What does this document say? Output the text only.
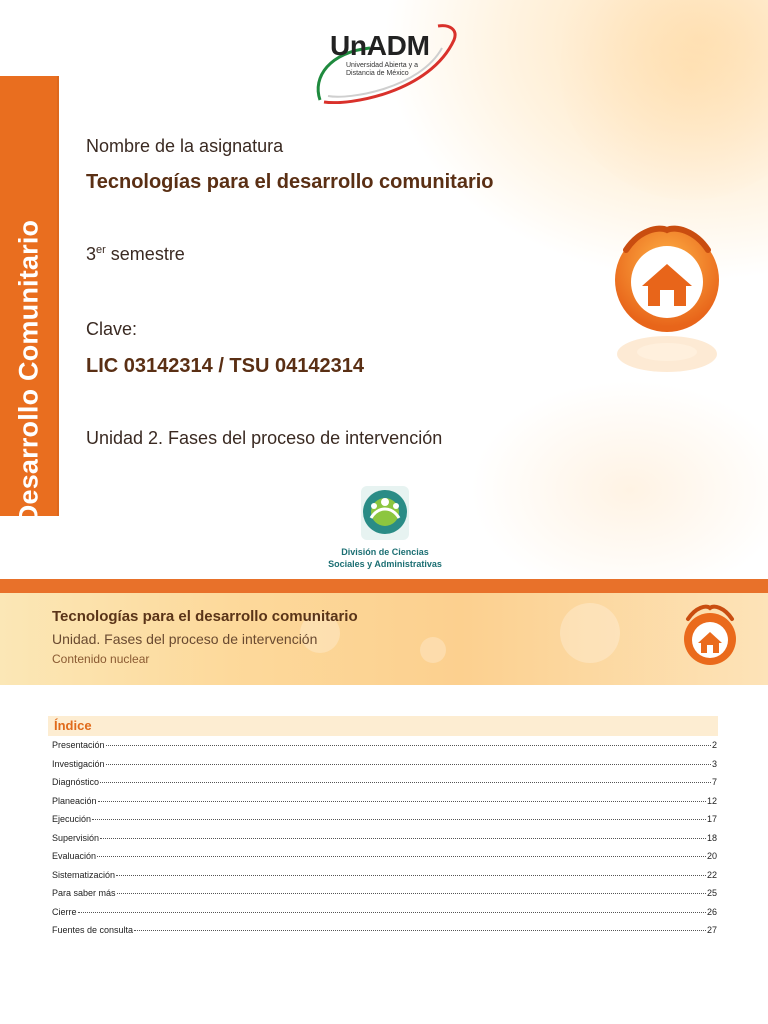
Desarrollo Comunitario
UnADM
Universidad Abierta y a
Distancia de México
Nombre de la asignatura
Tecnologías para el desarrollo comunitario
3er semestre
Clave:
LIC 03142314 / TSU 04142314
Unidad 2. Fases del proceso de intervención
División de Ciencias
Sociales y Administrativas
Tecnologías para el desarrollo comunitario
Unidad. Fases del proceso de intervención
Contenido nuclear
Índice
Presentación	2
Investigación	3
Diagnóstico	7
Planeación	12
Ejecución	17
Supervisión	18
Evaluación	20
Sistematización	22
Para saber más	25
Cierre	26
Fuentes de consulta	27
